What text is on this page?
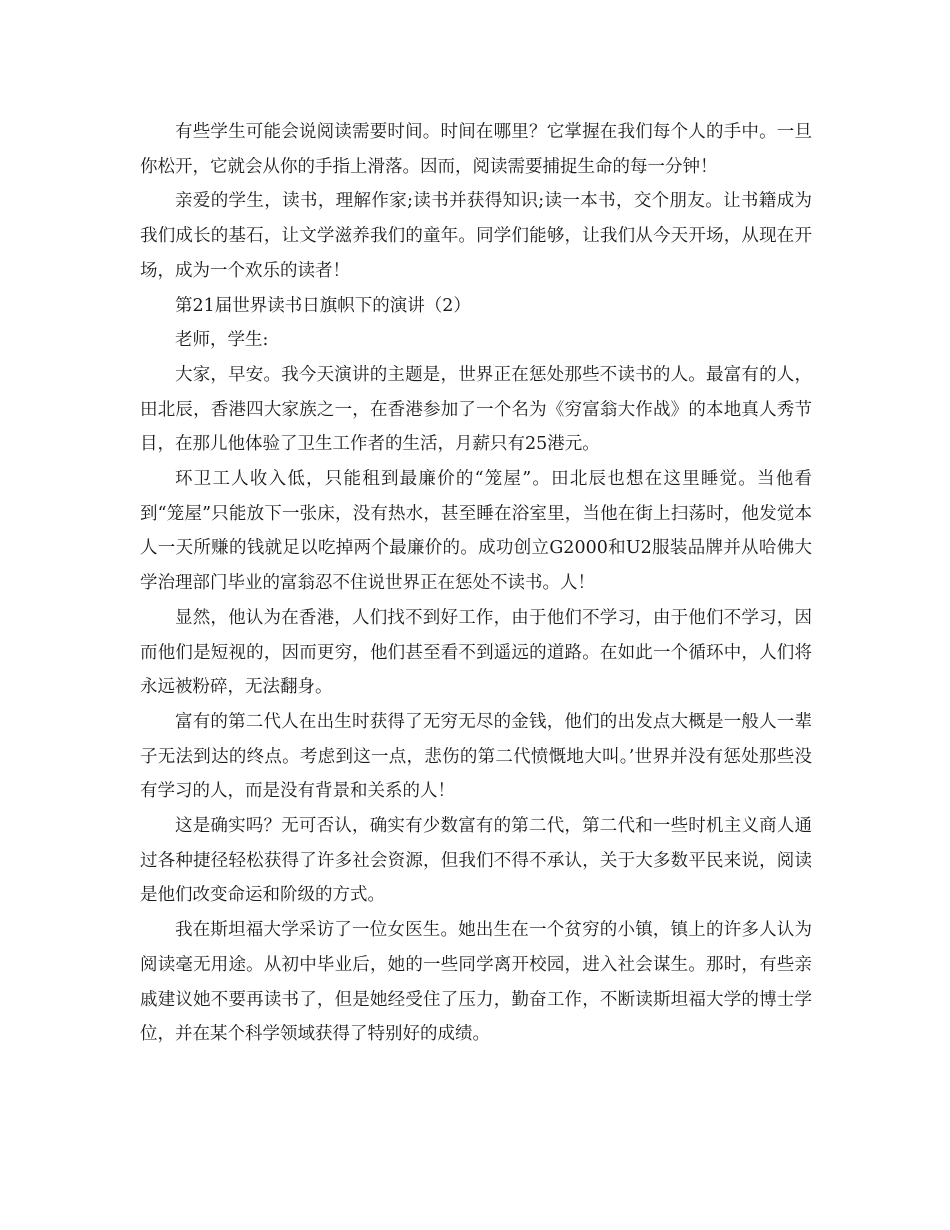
有些学生可能会说阅读需要时间。时间在哪里？它掌握在我们每个人的手中。一旦你松开，它就会从你的手指上滑落。因而，阅读需要捕捉生命的每一分钟！

亲爱的学生，读书，理解作家;读书并获得知识;读一本书，交个朋友。让书籍成为我们成长的基石，让文学滋养我们的童年。同学们能够，让我们从今天开场，从现在开场，成为一个欢乐的读者！

第21届世界读书日旗帜下的演讲（2）

老师，学生:

大家，早安。我今天演讲的主题是，世界正在惩处那些不读书的人。最富有的人，田北辰，香港四大家族之一，在香港参加了一个名为《穷富翁大作战》的本地真人秀节目，在那儿他体验了卫生工作者的生活，月薪只有25港元。

环卫工人收入低，只能租到最廉价的“笼屋”。田北辰也想在这里睡觉。当他看到“笼屋”只能放下一张床，没有热水，甚至睡在浴室里，当他在街上扫荡时，他发觉本人一天所赚的钱就足以吃掉两个最廉价的。成功创立G2000和U2服装品牌并从哈佛大学治理部门毕业的富翁忍不住说世界正在惩处不读书。人！

显然，他认为在香港，人们找不到好工作，由于他们不学习，由于他们不学习，因而他们是短视的，因而更穷，他们甚至看不到遥远的道路。在如此一个循环中，人们将永远被粉碎，无法翻身。

富有的第二代人在出生时获得了无穷无尽的金钱，他们的出发点大概是一般人一辈子无法到达的终点。考虑到这一点，悲伤的第二代愤慨地大叫。’世界并没有惩处那些没有学习的人，而是没有背景和关系的人！

这是确实吗？无可否认，确实有少数富有的第二代，第二代和一些时机主义商人通过各种捷径轻松获得了许多社会资源，但我们不得不承认，关于大多数平民来说，阅读是他们改变命运和阶级的方式。

我在斯坦福大学采访了一位女医生。她出生在一个贫穷的小镇，镇上的许多人认为阅读毫无用途。从初中毕业后，她的一些同学离开校园，进入社会谋生。那时，有些亲戚建议她不要再读书了，但是她经受住了压力，勤奋工作，不断读斯坦福大学的博士学位，并在某个科学领域获得了特别好的成绩。
